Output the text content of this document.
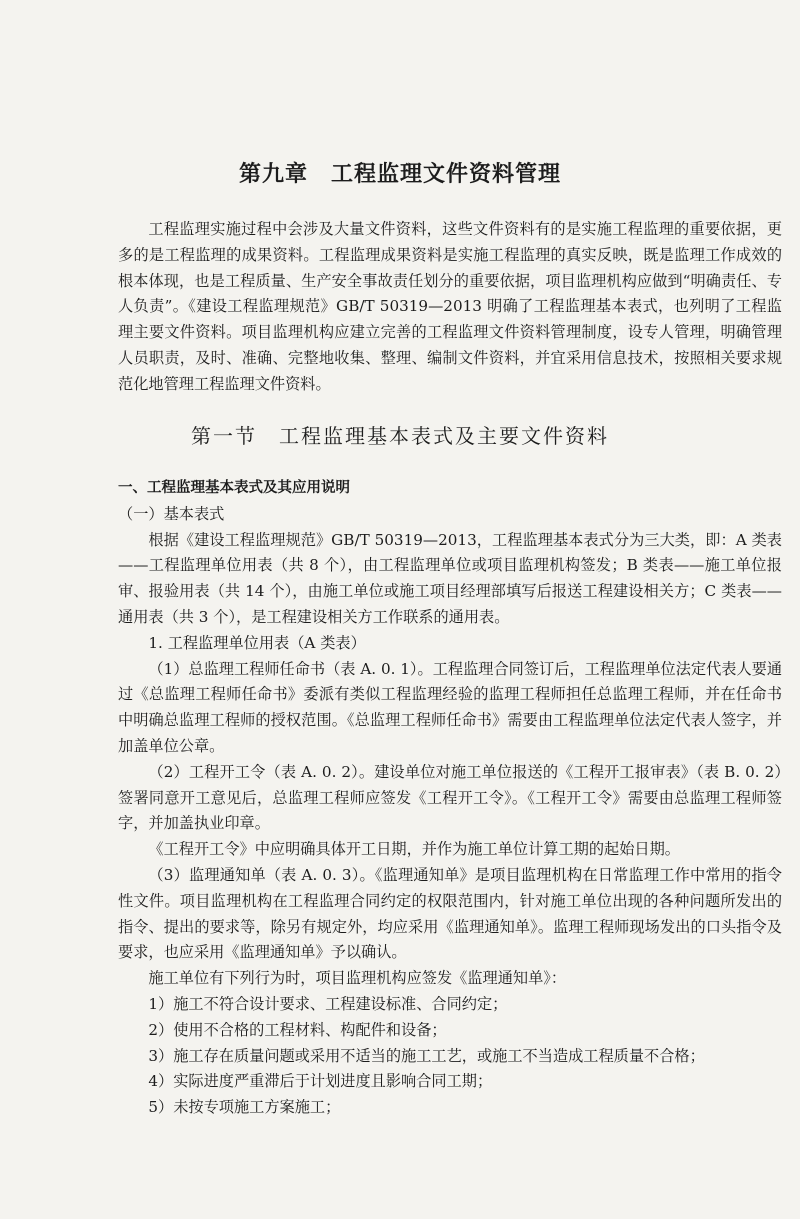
第九章　工程监理文件资料管理

工程监理实施过程中会涉及大量文件资料，这些文件资料有的是实施工程监理的重要依据，更多的是工程监理的成果资料。工程监理成果资料是实施工程监理的真实反映，既是监理工作成效的根本体现，也是工程质量、生产安全事故责任划分的重要依据，项目监理机构应做到“明确责任、专人负责”。《建设工程监理规范》GB/T 50319—2013 明确了工程监理基本表式，也列明了工程监理主要文件资料。项目监理机构应建立完善的工程监理文件资料管理制度，设专人管理，明确管理人员职责，及时、准确、完整地收集、整理、编制文件资料，并宜采用信息技术，按照相关要求规范化地管理工程监理文件资料。

第一节　工程监理基本表式及主要文件资料

一、工程监理基本表式及其应用说明

（一）基本表式

根据《建设工程监理规范》GB/T 50319—2013，工程监理基本表式分为三大类，即：A 类表——工程监理单位用表（共 8 个），由工程监理单位或项目监理机构签发；B 类表——施工单位报审、报验用表（共 14 个），由施工单位或施工项目经理部填写后报送工程建设相关方；C 类表——通用表（共 3 个），是工程建设相关方工作联系的通用表。

1. 工程监理单位用表（A 类表）

（1）总监理工程师任命书（表 A. 0. 1）。工程监理合同签订后，工程监理单位法定代表人要通过《总监理工程师任命书》委派有类似工程监理经验的监理工程师担任总监理工程师，并在任命书中明确总监理工程师的授权范围。《总监理工程师任命书》需要由工程监理单位法定代表人签字，并加盖单位公章。

（2）工程开工令（表 A. 0. 2）。建设单位对施工单位报送的《工程开工报审表》（表 B. 0. 2）签署同意开工意见后，总监理工程师应签发《工程开工令》。《工程开工令》需要由总监理工程师签字，并加盖执业印章。

《工程开工令》中应明确具体开工日期，并作为施工单位计算工期的起始日期。

（3）监理通知单（表 A. 0. 3）。《监理通知单》是项目监理机构在日常监理工作中常用的指令性文件。项目监理机构在工程监理合同约定的权限范围内，针对施工单位出现的各种问题所发出的指令、提出的要求等，除另有规定外，均应采用《监理通知单》。监理工程师现场发出的口头指令及要求，也应采用《监理通知单》予以确认。

施工单位有下列行为时，项目监理机构应签发《监理通知单》：

1）施工不符合设计要求、工程建设标准、合同约定；

2）使用不合格的工程材料、构配件和设备；

3）施工存在质量问题或采用不适当的施工工艺，或施工不当造成工程质量不合格；

4）实际进度严重滞后于计划进度且影响合同工期；

5）未按专项施工方案施工；
